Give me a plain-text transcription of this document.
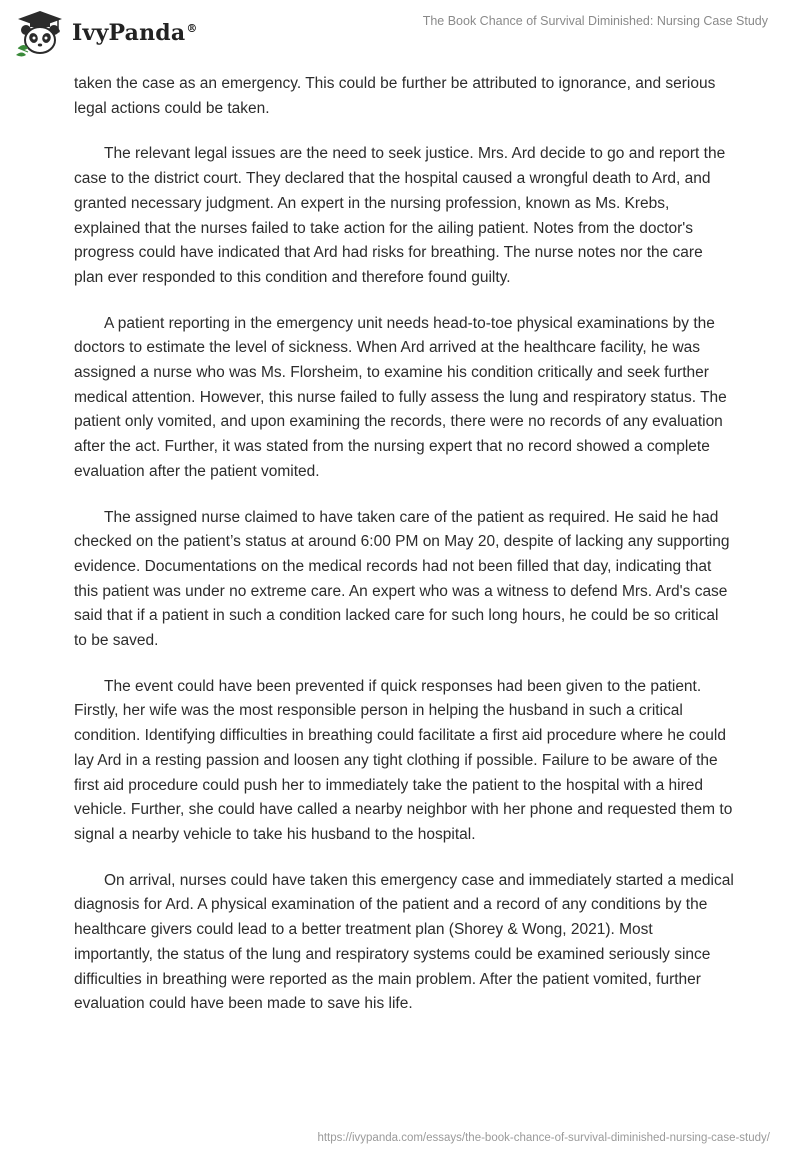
IvyPanda®
The Book Chance of Survival Diminished: Nursing Case Study

taken the case as an emergency. This could be further be attributed to ignorance, and serious legal actions could be taken.

The relevant legal issues are the need to seek justice. Mrs. Ard decide to go and report the case to the district court. They declared that the hospital caused a wrongful death to Ard, and granted necessary judgment. An expert in the nursing profession, known as Ms. Krebs, explained that the nurses failed to take action for the ailing patient. Notes from the doctor's progress could have indicated that Ard had risks for breathing. The nurse notes nor the care plan ever responded to this condition and therefore found guilty.

A patient reporting in the emergency unit needs head-to-toe physical examinations by the doctors to estimate the level of sickness. When Ard arrived at the healthcare facility, he was assigned a nurse who was Ms. Florsheim, to examine his condition critically and seek further medical attention. However, this nurse failed to fully assess the lung and respiratory status. The patient only vomited, and upon examining the records, there were no records of any evaluation after the act. Further, it was stated from the nursing expert that no record showed a complete evaluation after the patient vomited.

The assigned nurse claimed to have taken care of the patient as required. He said he had checked on the patient’s status at around 6:00 PM on May 20, despite of lacking any supporting evidence. Documentations on the medical records had not been filled that day, indicating that this patient was under no extreme care. An expert who was a witness to defend Mrs. Ard's case said that if a patient in such a condition lacked care for such long hours, he could be so critical to be saved.

The event could have been prevented if quick responses had been given to the patient. Firstly, her wife was the most responsible person in helping the husband in such a critical condition. Identifying difficulties in breathing could facilitate a first aid procedure where he could lay Ard in a resting passion and loosen any tight clothing if possible. Failure to be aware of the first aid procedure could push her to immediately take the patient to the hospital with a hired vehicle. Further, she could have called a nearby neighbor with her phone and requested them to signal a nearby vehicle to take his husband to the hospital.

On arrival, nurses could have taken this emergency case and immediately started a medical diagnosis for Ard. A physical examination of the patient and a record of any conditions by the healthcare givers could lead to a better treatment plan (Shorey & Wong, 2021). Most importantly, the status of the lung and respiratory systems could be examined seriously since difficulties in breathing were reported as the main problem. After the patient vomited, further evaluation could have been made to save his life.

https://ivypanda.com/essays/the-book-chance-of-survival-diminished-nursing-case-study/
